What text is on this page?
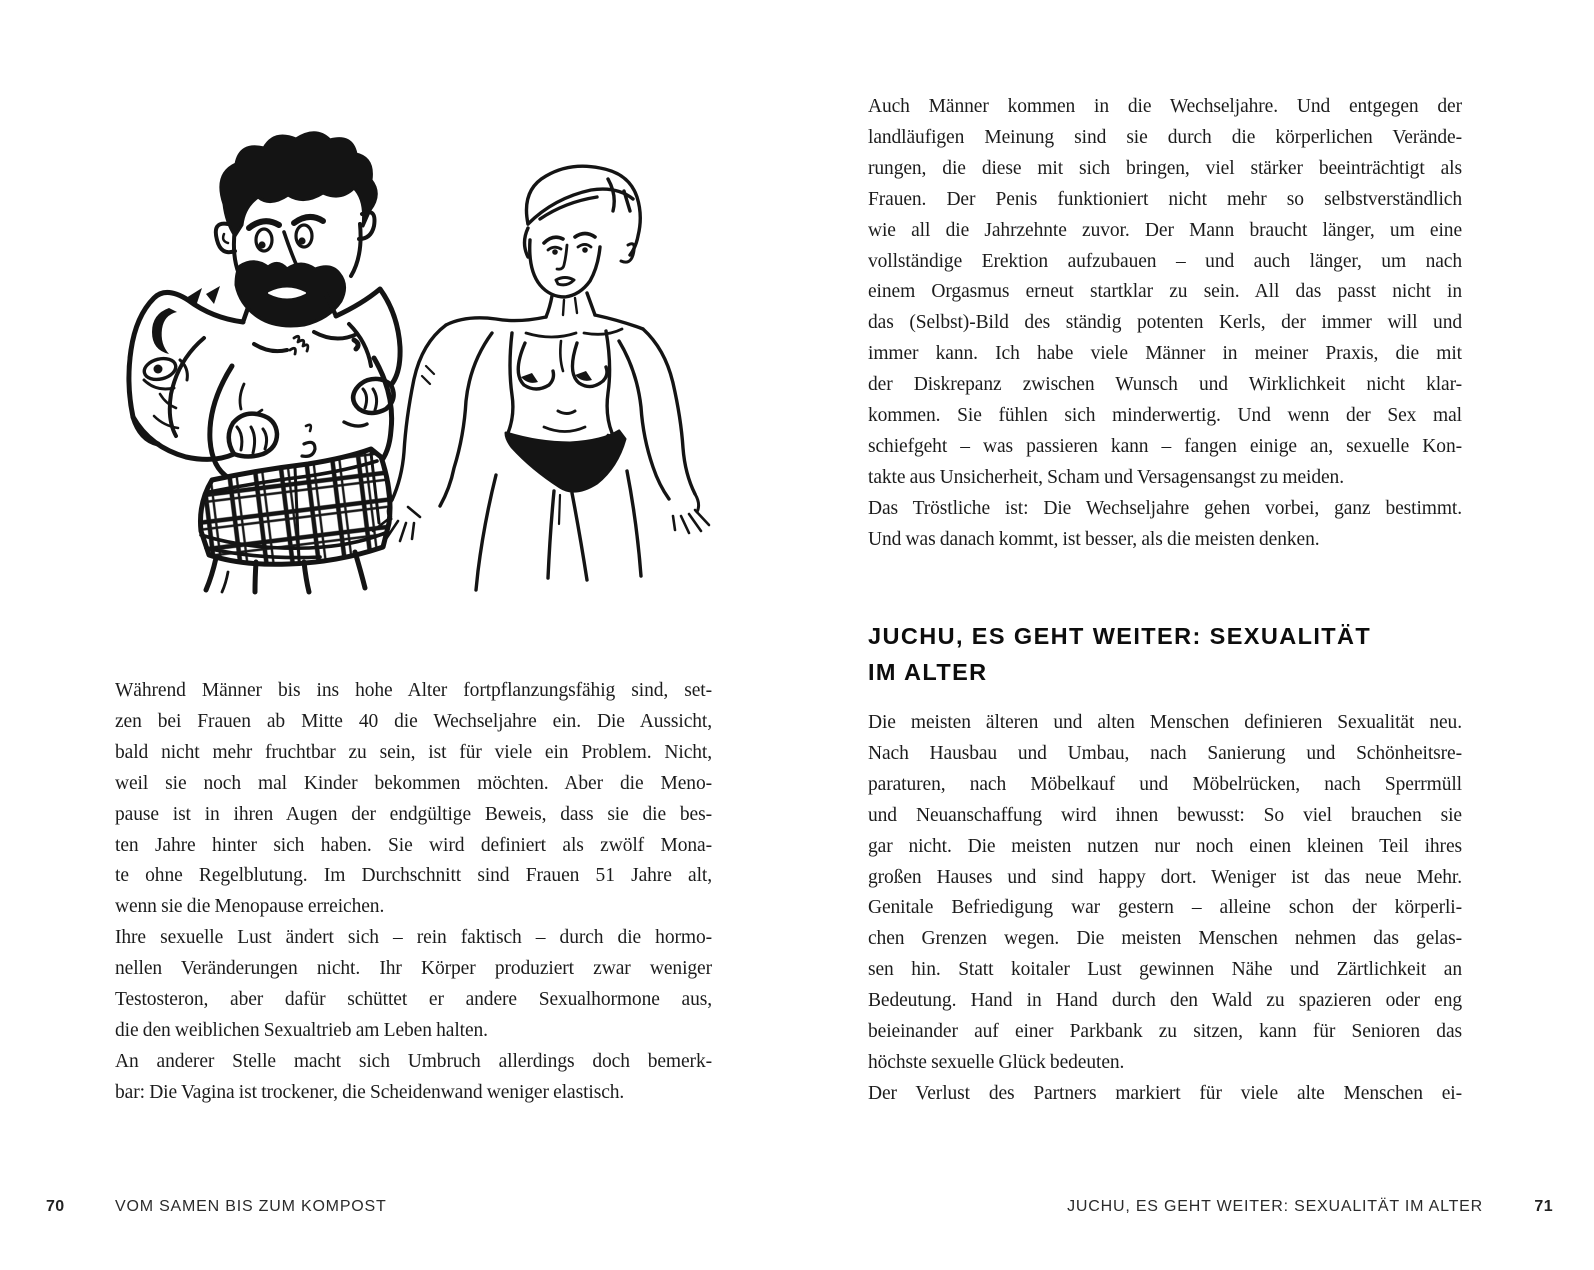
Während Männer bis ins hohe Alter fortpflanzungsfähig sind, set-
zen bei Frauen ab Mitte 40 die Wechseljahre ein. Die Aussicht,
bald nicht mehr fruchtbar zu sein, ist für viele ein Problem. Nicht,
weil sie noch mal Kinder bekommen möchten. Aber die Meno-
pause ist in ihren Augen der endgültige Beweis, dass sie die bes-
ten Jahre hinter sich haben. Sie wird definiert als zwölf Mona-
te ohne Regelblutung. Im Durchschnitt sind Frauen 51 Jahre alt,
wenn sie die Menopause erreichen.
Ihre sexuelle Lust ändert sich – rein faktisch – durch die hormo-
nellen Veränderungen nicht. Ihr Körper produziert zwar weniger
Testosteron, aber dafür schüttet er andere Sexualhormone aus,
die den weiblichen Sexualtrieb am Leben halten.
An anderer Stelle macht sich Umbruch allerdings doch bemerk-
bar: Die Vagina ist trockener, die Scheidenwand weniger elastisch.
Auch Männer kommen in die Wechseljahre. Und entgegen der
landläufigen Meinung sind sie durch die körperlichen Verände-
rungen, die diese mit sich bringen, viel stärker beeinträchtigt als
Frauen. Der Penis funktioniert nicht mehr so selbstverständlich
wie all die Jahrzehnte zuvor. Der Mann braucht länger, um eine
vollständige Erektion aufzubauen – und auch länger, um nach
einem Orgasmus erneut startklar zu sein. All das passt nicht in
das (Selbst)-Bild des ständig potenten Kerls, der immer will und
immer kann. Ich habe viele Männer in meiner Praxis, die mit
der Diskrepanz zwischen Wunsch und Wirklichkeit nicht klar-
kommen. Sie fühlen sich minderwertig. Und wenn der Sex mal
schiefgeht – was passieren kann – fangen einige an, sexuelle Kon-
takte aus Unsicherheit, Scham und Versagensangst zu meiden.
Das Tröstliche ist: Die Wechseljahre gehen vorbei, ganz bestimmt.
Und was danach kommt, ist besser, als die meisten denken.
JUCHU, ES GEHT WEITER: SEXUALITÄT
IM ALTER
Die meisten älteren und alten Menschen definieren Sexualität neu.
Nach Hausbau und Umbau, nach Sanierung und Schönheitsre-
paraturen, nach Möbelkauf und Möbelrücken, nach Sperrmüll
und Neuanschaffung wird ihnen bewusst: So viel brauchen sie
gar nicht. Die meisten nutzen nur noch einen kleinen Teil ihres
großen Hauses und sind happy dort. Weniger ist das neue Mehr.
Genitale Befriedigung war gestern – alleine schon der körperli-
chen Grenzen wegen. Die meisten Menschen nehmen das gelas-
sen hin. Statt koitaler Lust gewinnen Nähe und Zärtlichkeit an
Bedeutung. Hand in Hand durch den Wald zu spazieren oder eng
beieinander auf einer Parkbank zu sitzen, kann für Senioren das
höchste sexuelle Glück bedeuten.
Der Verlust des Partners markiert für viele alte Menschen ei-
70	VOM SAMEN BIS ZUM KOMPOST	JUCHU, ES GEHT WEITER: SEXUALITÄT IM ALTER	71
